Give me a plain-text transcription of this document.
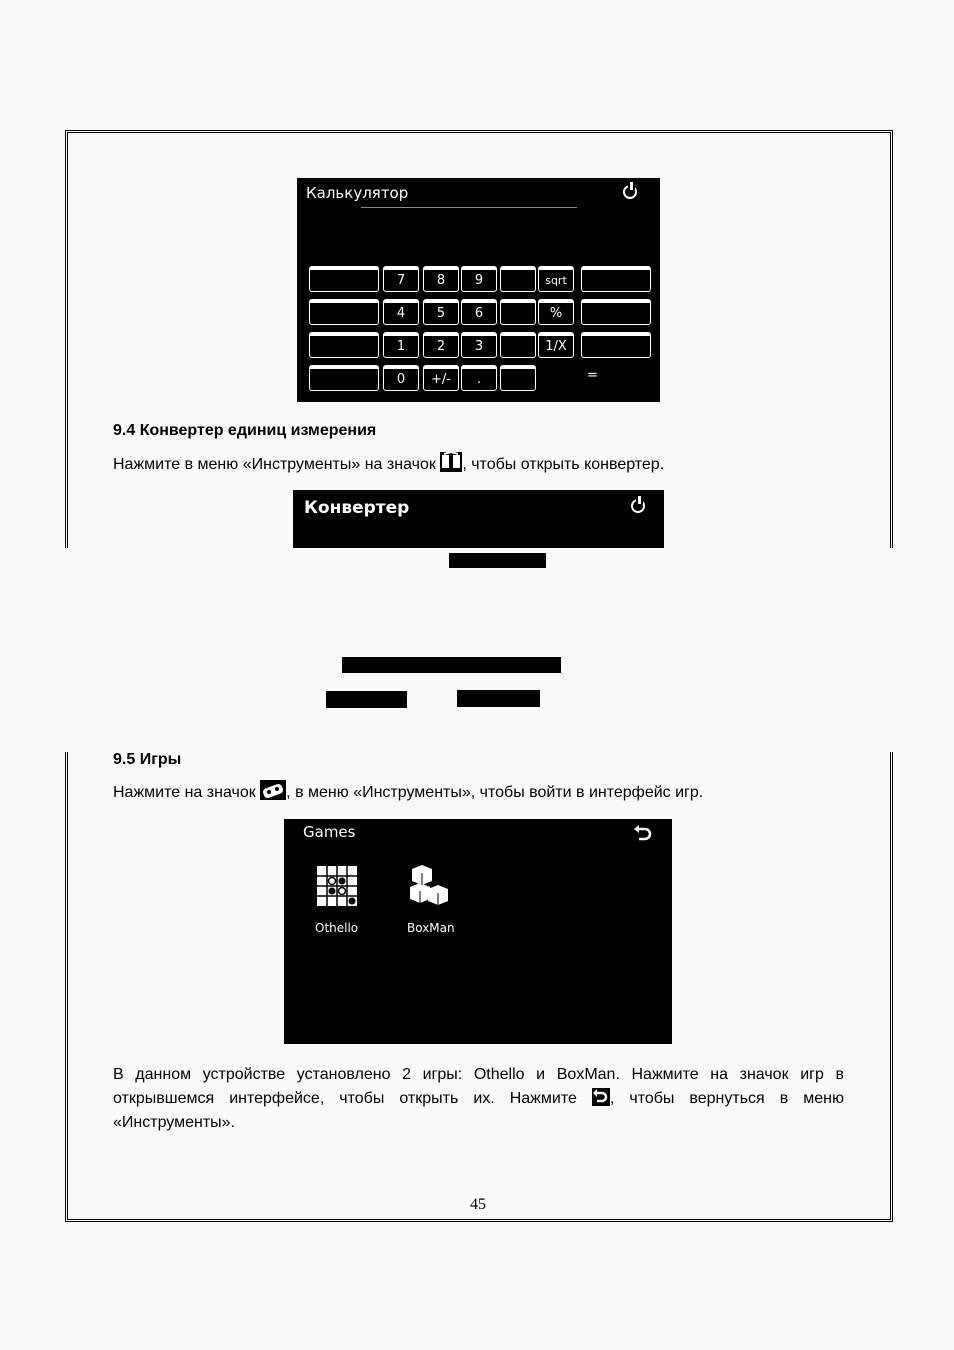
Калькулятор
7	8	9	sqrt
4	5	6	%
1	2	3	1/X
0	+/-	.	=
9.4 Конвертер единиц измерения
Нажмите в меню «Инструменты» на значок , чтобы открыть конвертер.
Конвертер
9.5 Игры
Нажмите на значок , в меню «Инструменты», чтобы войти в интерфейс игр.
Games
Othello	BoxMan
В данном устройстве установлено 2 игры: Othello и BoxMan. Нажмите на значок игр в открывшемся интерфейсе, чтобы открыть их. Нажмите , чтобы вернуться в меню «Инструменты».
45
